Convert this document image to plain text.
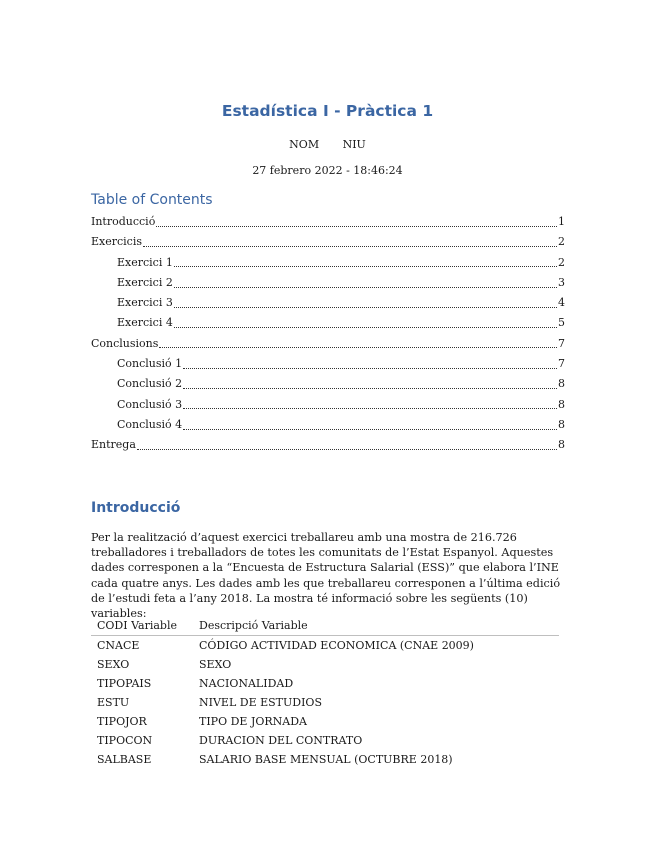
Estadística I - Pràctica 1
NOM NIU
27 febrero 2022 - 18:46:24
Table of Contents
Introducció	1
Exercicis	2
Exercici 1	2
Exercici 2	3
Exercici 3	4
Exercici 4	5
Conclusions	7
Conclusió 1	7
Conclusió 2	8
Conclusió 3	8
Conclusió 4	8
Entrega	8
Introducció

Per la realització d’aquest exercici treballareu amb una mostra de 216.726 treballadores i treballadors de totes les comunitats de l’Estat Espanyol. Aquestes dades corresponen a la “Encuesta de Estructura Salarial (ESS)” que elabora l’INE cada quatre anys. Les dades amb les que treballareu corresponen a l’última edició de l’estudi feta a l’any 2018. La mostra té informació sobre les següents (10) variables:

CODI Variable	Descripció Variable
CNACE	CÓDIGO ACTIVIDAD ECONOMICA (CNAE 2009)
SEXO	SEXO
TIPOPAIS	NACIONALIDAD
ESTU	NIVEL DE ESTUDIOS
TIPOJOR	TIPO DE JORNADA
TIPOCON	DURACION DEL CONTRATO
SALBASE	SALARIO BASE MENSUAL (OCTUBRE 2018)
